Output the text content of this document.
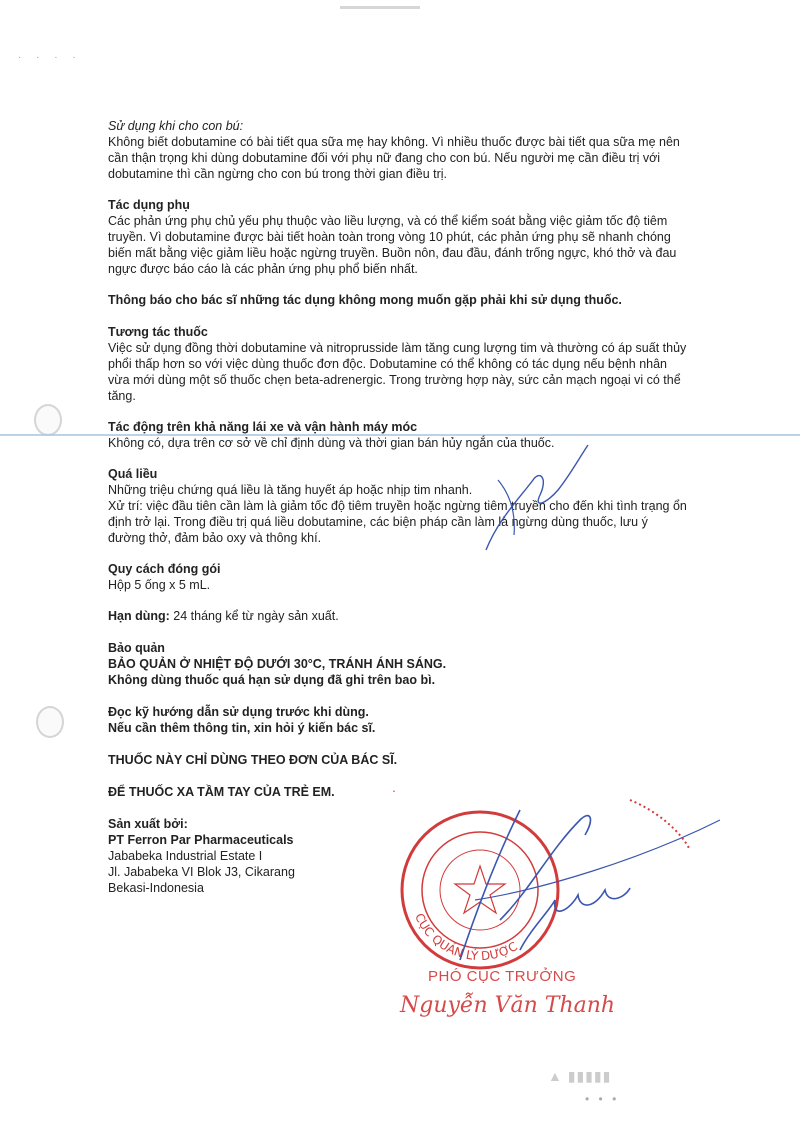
· · · ·

Sử dụng khi cho con bú:

Không biết dobutamine có bài tiết qua sữa mẹ hay không. Vì nhiều thuốc được bài tiết qua sữa mẹ nên cần thận trọng khi dùng dobutamine đối với phụ nữ đang cho con bú. Nếu người mẹ cần điều trị với dobutamine thì cần ngừng cho con bú trong thời gian điều trị.

Tác dụng phụ

Các phản ứng phụ chủ yếu phụ thuộc vào liều lượng, và có thể kiểm soát bằng việc giảm tốc độ tiêm truyền. Vì dobutamine được bài tiết hoàn toàn trong vòng 10 phút, các phản ứng phụ sẽ nhanh chóng biến mất bằng việc giảm liều hoặc ngừng truyền. Buồn nôn, đau đầu, đánh trống ngực, khó thở và đau ngực được báo cáo là các phản ứng phụ phổ biến nhất.

Thông báo cho bác sĩ những tác dụng không mong muốn gặp phải khi sử dụng thuốc.

Tương tác thuốc

Việc sử dụng đồng thời dobutamine và nitroprusside làm tăng cung lượng tim và thường có áp suất thủy phổi thấp hơn so với việc dùng thuốc đơn độc. Dobutamine có thể không có tác dụng nếu bệnh nhân vừa mới dùng một số thuốc chẹn beta-adrenergic. Trong trường hợp này, sức cản mạch ngoại vi có thể tăng.

Tác động trên khả năng lái xe và vận hành máy móc

Không có, dựa trên cơ sở về chỉ định dùng và thời gian bán hủy ngắn của thuốc.

Quá liều

Những triệu chứng quá liều là tăng huyết áp hoặc nhịp tim nhanh.

Xử trí: việc đầu tiên cần làm là giảm tốc độ tiêm truyền hoặc ngừng tiêm truyền cho đến khi tình trạng ổn định trở lại. Trong điều trị quá liều dobutamine, các biện pháp cần làm là ngừng dùng thuốc, lưu ý đường thở, đảm bảo oxy và thông khí.

Quy cách đóng gói

Hộp 5 ống x 5 mL.

Hạn dùng: 24 tháng kể từ ngày sản xuất.

Bảo quản

BẢO QUẢN Ở NHIỆT ĐỘ DƯỚI 30°C, TRÁNH ÁNH SÁNG.

Không dùng thuốc quá hạn sử dụng đã ghi trên bao bì.

Đọc kỹ hướng dẫn sử dụng trước khi dùng.

Nếu cần thêm thông tin, xin hỏi ý kiến bác sĩ.

THUỐC NÀY CHỈ DÙNG THEO ĐƠN CỦA BÁC SĨ.

ĐỂ THUỐC XA TẦM TAY CỦA TRẺ EM.

Sản xuất bởi:

PT Ferron Par Pharmaceuticals

Jababeka Industrial Estate I

Jl. Jababeka VI Blok J3, Cikarang

Bekasi-Indonesia

CỤC QUẢN LÝ DƯỢC
PHÓ CỤC TRƯỞNG
Nguyễn Văn Thanh
▲ ▮▮▮▮▮
• • •
